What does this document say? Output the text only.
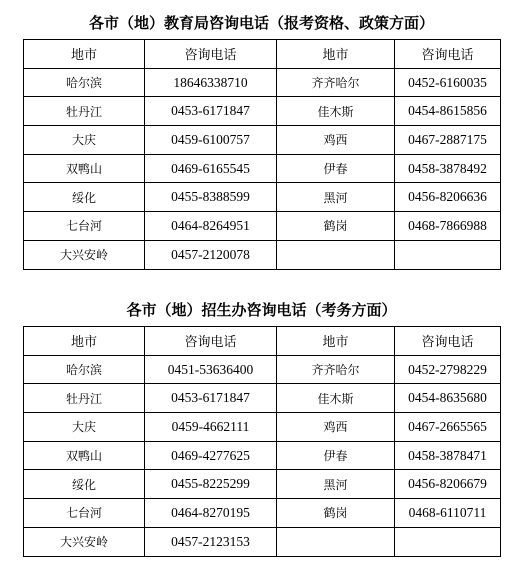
各市（地）教育局咨询电话（报考资格、政策方面）
地市	咨询电话	地市	咨询电话
哈尔滨	18646338710	齐齐哈尔	0452-6160035
牡丹江	0453-6171847	佳木斯	0454-8615856
大庆	0459-6100757	鸡西	0467-2887175
双鸭山	0469-6165545	伊春	0458-3878492
绥化	0455-8388599	黑河	0456-8206636
七台河	0464-8264951	鹤岗	0468-7866988
大兴安岭	0457-2120078		
各市（地）招生办咨询电话（考务方面）
地市	咨询电话	地市	咨询电话
哈尔滨	0451-53636400	齐齐哈尔	0452-2798229
牡丹江	0453-6171847	佳木斯	0454-8635680
大庆	0459-4662111	鸡西	0467-2665565
双鸭山	0469-4277625	伊春	0458-3878471
绥化	0455-8225299	黑河	0456-8206679
七台河	0464-8270195	鹤岗	0468-6110711
大兴安岭	0457-2123153		
